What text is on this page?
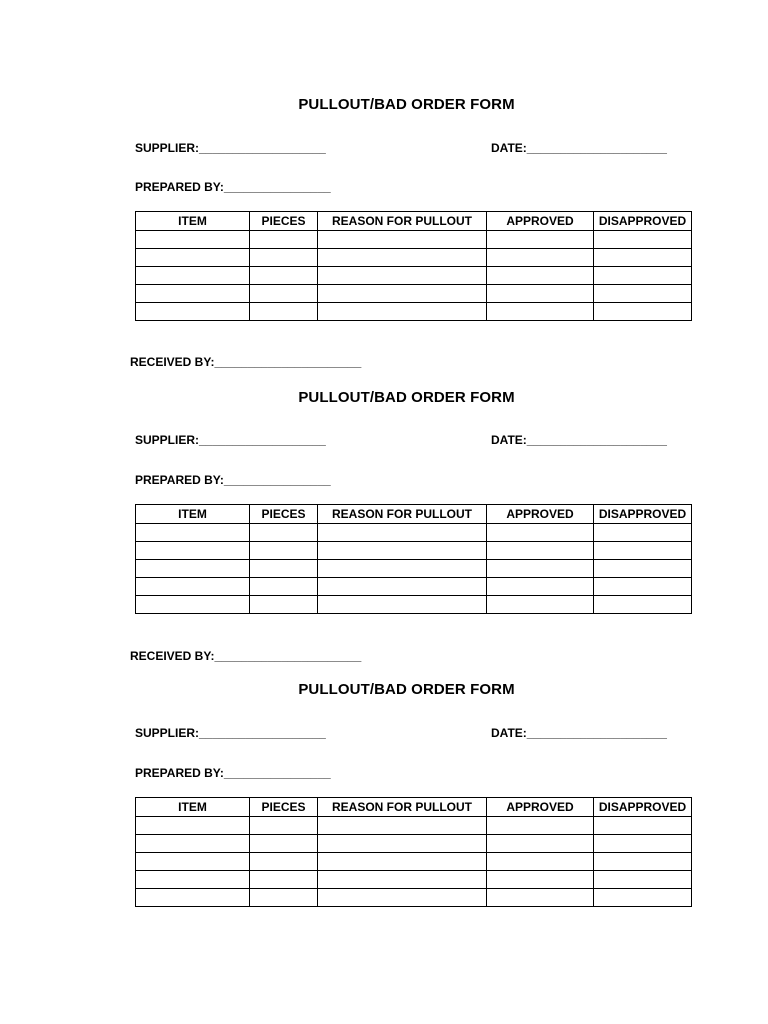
PULLOUT/BAD ORDER FORM
SUPPLIER:___________________	DATE:_____________________
PREPARED BY:________________
ITEM	PIECES	REASON FOR PULLOUT	APPROVED	DISAPPROVED

RECEIVED BY:______________________
PULLOUT/BAD ORDER FORM
SUPPLIER:___________________	DATE:_____________________
PREPARED BY:________________
ITEM	PIECES	REASON FOR PULLOUT	APPROVED	DISAPPROVED

RECEIVED BY:______________________
PULLOUT/BAD ORDER FORM
SUPPLIER:___________________	DATE:_____________________
PREPARED BY:________________
ITEM	PIECES	REASON FOR PULLOUT	APPROVED	DISAPPROVED
